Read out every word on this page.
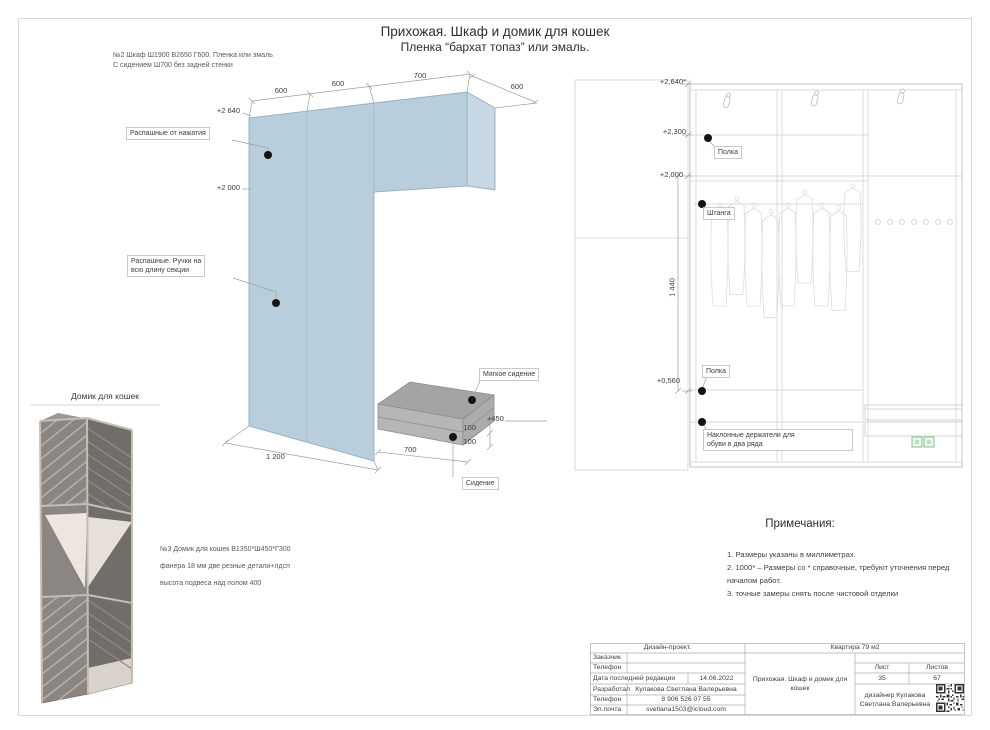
Прихожая. Шкаф и домик для кошек
Пленка “бархат топаз” или эмаль.
№2 Шкаф Ш1900 В2650 Г600. Пленка или эмаль
С сидением Ш700 без задней стенки
600
600
700
600
+2 640
+2 000
Распашные от нажатия
Распашные. Ручки на
всю длину секции
Мягкое сидение
+450
100
100
700
1 200
Сидение
+2,640*
+2,300
+2,000
+0,560
1 440
Полка
Штанга
Полка
Наклонные держатели для
обуви в два ряда
Примечания:
1. Размеры указаны в миллиметрах.
2. 1000* – Размеры со * справочные, требуют уточнения перед началом работ.
3. точные замеры снять после чистовой отделки
Домик для кошек
№3 Домик для кошек В1350*Ш450*Г300
фанера 18 мм две резные детали+лдсп
высота подвеса над полом 400
Дизайн-проект.	Квартира 79 м2
Заказчик
Телефон
Дата последней редакции	14.06.2022
Разработал Кулакова Светлана Валерьевна
Телефон	8 906 526 07 55
Эл.почта	svetlana1503@icloud.com
Прихожая. Шкаф и домик для
кошек
Лист	Листов
35	67
дизайнер Кулакова
Светлана Валерьевна
